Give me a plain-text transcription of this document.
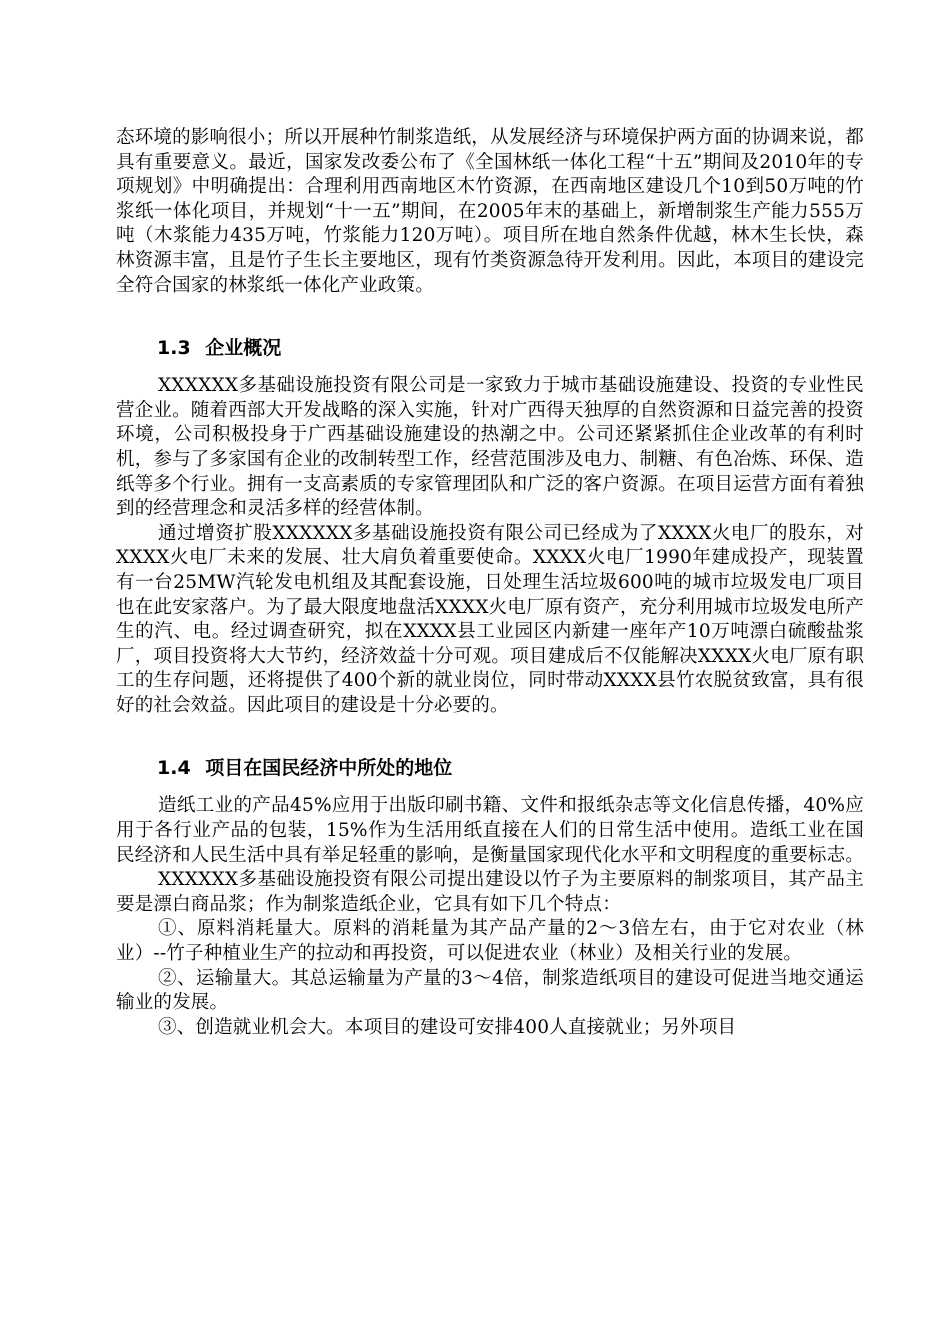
态环境的影响很小；所以开展种竹制浆造纸，从发展经济与环境保护两方面的协调来说，都具有重要意义。最近，国家发改委公布了《全国林纸一体化工程“十五”期间及2010年的专项规划》中明确提出：合理利用西南地区木竹资源，在西南地区建设几个10到50万吨的竹浆纸一体化项目，并规划“十一五”期间，在2005年末的基础上，新增制浆生产能力555万吨（木浆能力435万吨，竹浆能力120万吨）。项目所在地自然条件优越，林木生长快，森林资源丰富，且是竹子生长主要地区，现有竹类资源急待开发利用。因此，本项目的建设完全符合国家的林浆纸一体化产业政策。

1.3 企业概况

XXXXXX多基础设施投资有限公司是一家致力于城市基础设施建设、投资的专业性民营企业。随着西部大开发战略的深入实施，针对广西得天独厚的自然资源和日益完善的投资环境，公司积极投身于广西基础设施建设的热潮之中。公司还紧紧抓住企业改革的有利时机，参与了多家国有企业的改制转型工作，经营范围涉及电力、制糖、有色冶炼、环保、造纸等多个行业。拥有一支高素质的专家管理团队和广泛的客户资源。在项目运营方面有着独到的经营理念和灵活多样的经营体制。

通过增资扩股XXXXXX多基础设施投资有限公司已经成为了XXXX火电厂的股东，对XXXX火电厂未来的发展、壮大肩负着重要使命。XXXX火电厂1990年建成投产，现装置有一台25MW汽轮发电机组及其配套设施，日处理生活垃圾600吨的城市垃圾发电厂项目也在此安家落户。为了最大限度地盘活XXXX火电厂原有资产，充分利用城市垃圾发电所产生的汽、电。经过调查研究，拟在XXXX县工业园区内新建一座年产10万吨漂白硫酸盐浆厂，项目投资将大大节约，经济效益十分可观。项目建成后不仅能解决XXXX火电厂原有职工的生存问题，还将提供了400个新的就业岗位，同时带动XXXX县竹农脱贫致富，具有很好的社会效益。因此项目的建设是十分必要的。

1.4 项目在国民经济中所处的地位

造纸工业的产品45%应用于出版印刷书籍、文件和报纸杂志等文化信息传播，40%应用于各行业产品的包装，15%作为生活用纸直接在人们的日常生活中使用。造纸工业在国民经济和人民生活中具有举足轻重的影响，是衡量国家现代化水平和文明程度的重要标志。

XXXXXX多基础设施投资有限公司提出建设以竹子为主要原料的制浆项目，其产品主要是漂白商品浆；作为制浆造纸企业，它具有如下几个特点：

①、原料消耗量大。原料的消耗量为其产品产量的2～3倍左右，由于它对农业（林业）--竹子种植业生产的拉动和再投资，可以促进农业（林业）及相关行业的发展。

②、运输量大。其总运输量为产量的3～4倍，制浆造纸项目的建设可促进当地交通运输业的发展。

③、创造就业机会大。本项目的建设可安排400人直接就业；另外项目
